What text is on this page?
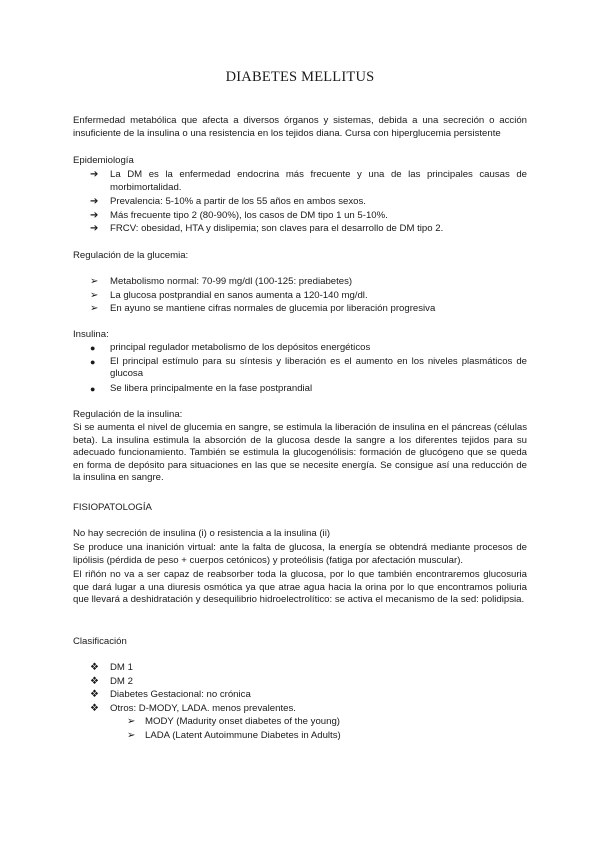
DIABETES MELLITUS
Enfermedad metabólica que afecta a diversos órganos y sistemas, debida a una secreción o acción insuficiente de la insulina o una resistencia en los tejidos diana. Cursa con hiperglucemia persistente
Epidemiología
➔ La DM es la enfermedad endocrina más frecuente y una de las principales causas de morbimortalidad.
➔ Prevalencia: 5-10% a partir de los 55 años en ambos sexos.
➔ Más frecuente tipo 2 (80-90%), los casos de DM tipo 1 un 5-10%.
➔ FRCV: obesidad, HTA y dislipemia; son claves para el desarrollo de DM tipo 2.
Regulación de la glucemia:
➢ Metabolismo normal: 70-99 mg/dl (100-125: prediabetes)
➢ La glucosa postprandial en sanos aumenta a 120-140 mg/dl.
➢ En ayuno se mantiene cifras normales de glucemia por liberación progresiva
Insulina:
● principal regulador metabolismo de los depósitos energéticos
● El principal estímulo para su síntesis y liberación es el aumento en los niveles plasmáticos de glucosa
● Se libera principalmente en la fase postprandial
Regulación de la insulina:
Si se aumenta el nivel de glucemia en sangre, se estimula la liberación de insulina en el páncreas (células beta). La insulina estimula la absorción de la glucosa desde la sangre a los diferentes tejidos para su adecuado funcionamiento. También se estimula la glucogenólisis: formación de glucógeno que se queda en forma de depósito para situaciones en las que se necesite energía. Se consigue así una reducción de la insulina en sangre.
FISIOPATOLOGÍA
No hay secreción de insulina (i) o resistencia a la insulina (ii)
Se produce una inanición virtual: ante la falta de glucosa, la energía se obtendrá mediante procesos de lipólisis (pérdida de peso + cuerpos cetónicos) y proteólisis (fatiga por afectación muscular).
El riñón no va a ser capaz de reabsorber toda la glucosa, por lo que también encontraremos glucosuria que dará lugar a una diuresis osmótica ya que atrae agua hacia la orina por lo que encontramos poliuria que llevará a deshidratación y desequilibrio hidroelectrolítico: se activa el mecanismo de la sed: polidipsia.
Clasificación
❖ DM 1
❖ DM 2
❖ Diabetes Gestacional: no crónica
❖ Otros: D-MODY, LADA. menos prevalentes.
➢ MODY (Madurity onset diabetes of the young)
➢ LADA (Latent Autoimmune Diabetes in Adults)
